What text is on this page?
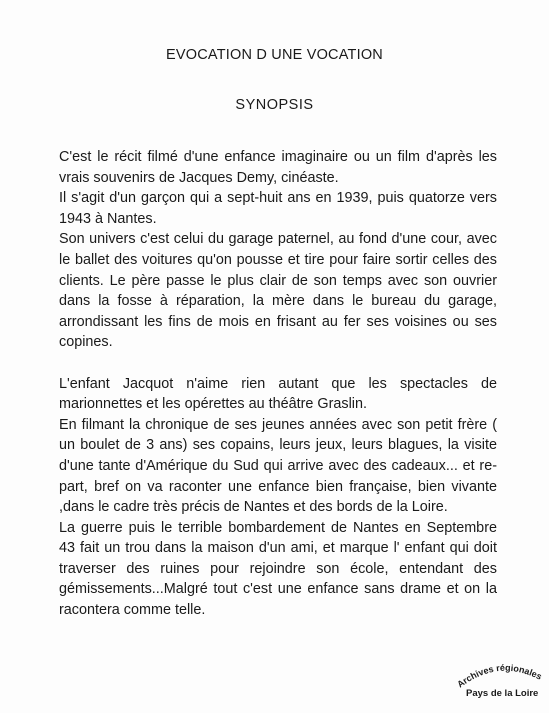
EVOCATION D UNE VOCATION
SYNOPSIS

C'est le récit filmé d'une enfance imaginaire ou un film d'après les vrais souvenirs de Jacques Demy, cinéaste.

Il s'agit d'un garçon qui a sept-huit ans en 1939, puis quatorze vers 1943 à Nantes.

Son univers c'est celui du garage paternel, au fond d'une cour, avec le ballet des voitures qu'on pousse et tire pour faire sortir celles des clients. Le père passe le plus clair de son temps avec son ouvrier dans la fosse à réparation, la mère dans le bureau du garage, arrondissant les fins de mois en frisant au fer ses voisines ou ses copines.

L'enfant Jacquot n'aime rien autant que les spectacles de marionnettes et les opérettes au théâtre Graslin.

En filmant la chronique de ses jeunes années avec son petit frère ( un boulet de 3 ans) ses copains, leurs jeux, leurs blagues, la visite d'une tante d'Amérique du Sud qui arrive avec des cadeaux... et re-part, bref on va raconter une enfance bien française, bien vivante ,dans le cadre très précis de Nantes et des bords de la Loire.

La guerre puis le terrible bombardement de Nantes en Septembre 43 fait un trou dans la maison d'un ami, et marque l' enfant qui doit traverser des ruines pour rejoindre son école, entendant des gémissements...Malgré tout c'est une enfance sans drame et on la racontera comme telle.

Archives régionales
Pays de la Loire
